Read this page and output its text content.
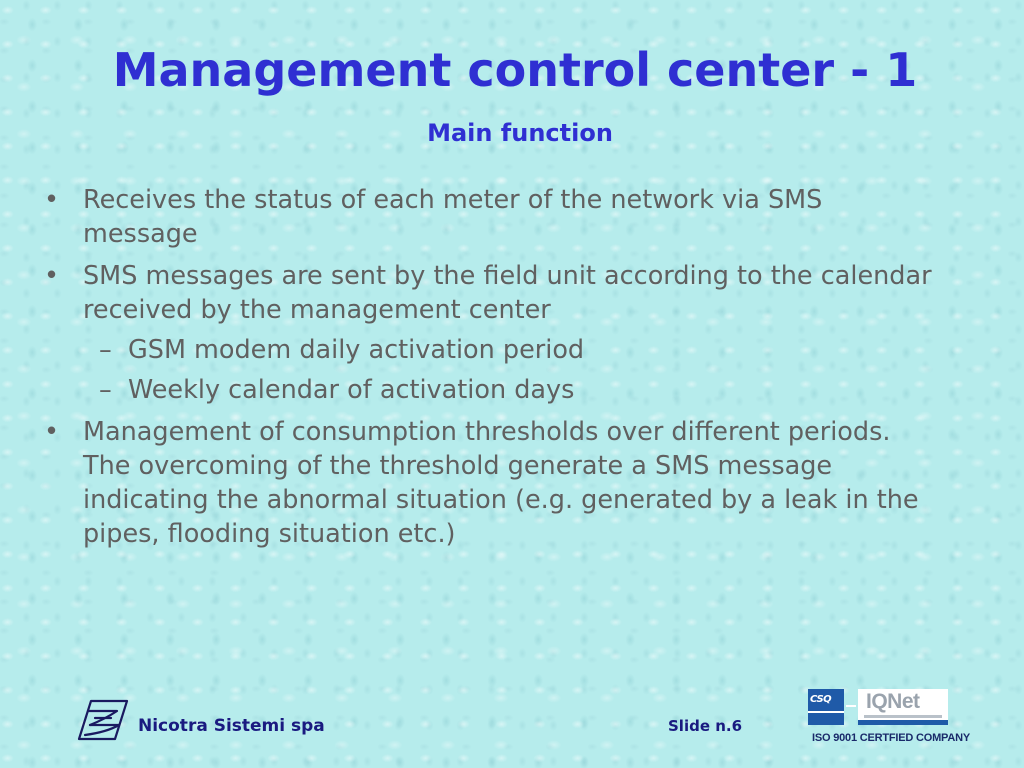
Management control center - 1
Main function
• Receives the status of each meter of the network via SMS message
• SMS messages are sent by the field unit according to the calendar received by the management center
– GSM modem daily activation period
– Weekly calendar of activation days
• Management of consumption thresholds over different periods. The overcoming of the threshold generate a SMS message indicating the abnormal situation (e.g. generated by a leak in the pipes, flooding situation etc.)
Nicotra Sistemi spa	Slide n.6
CSQ IQNet
ISO 9001 CERTFIED COMPANY
